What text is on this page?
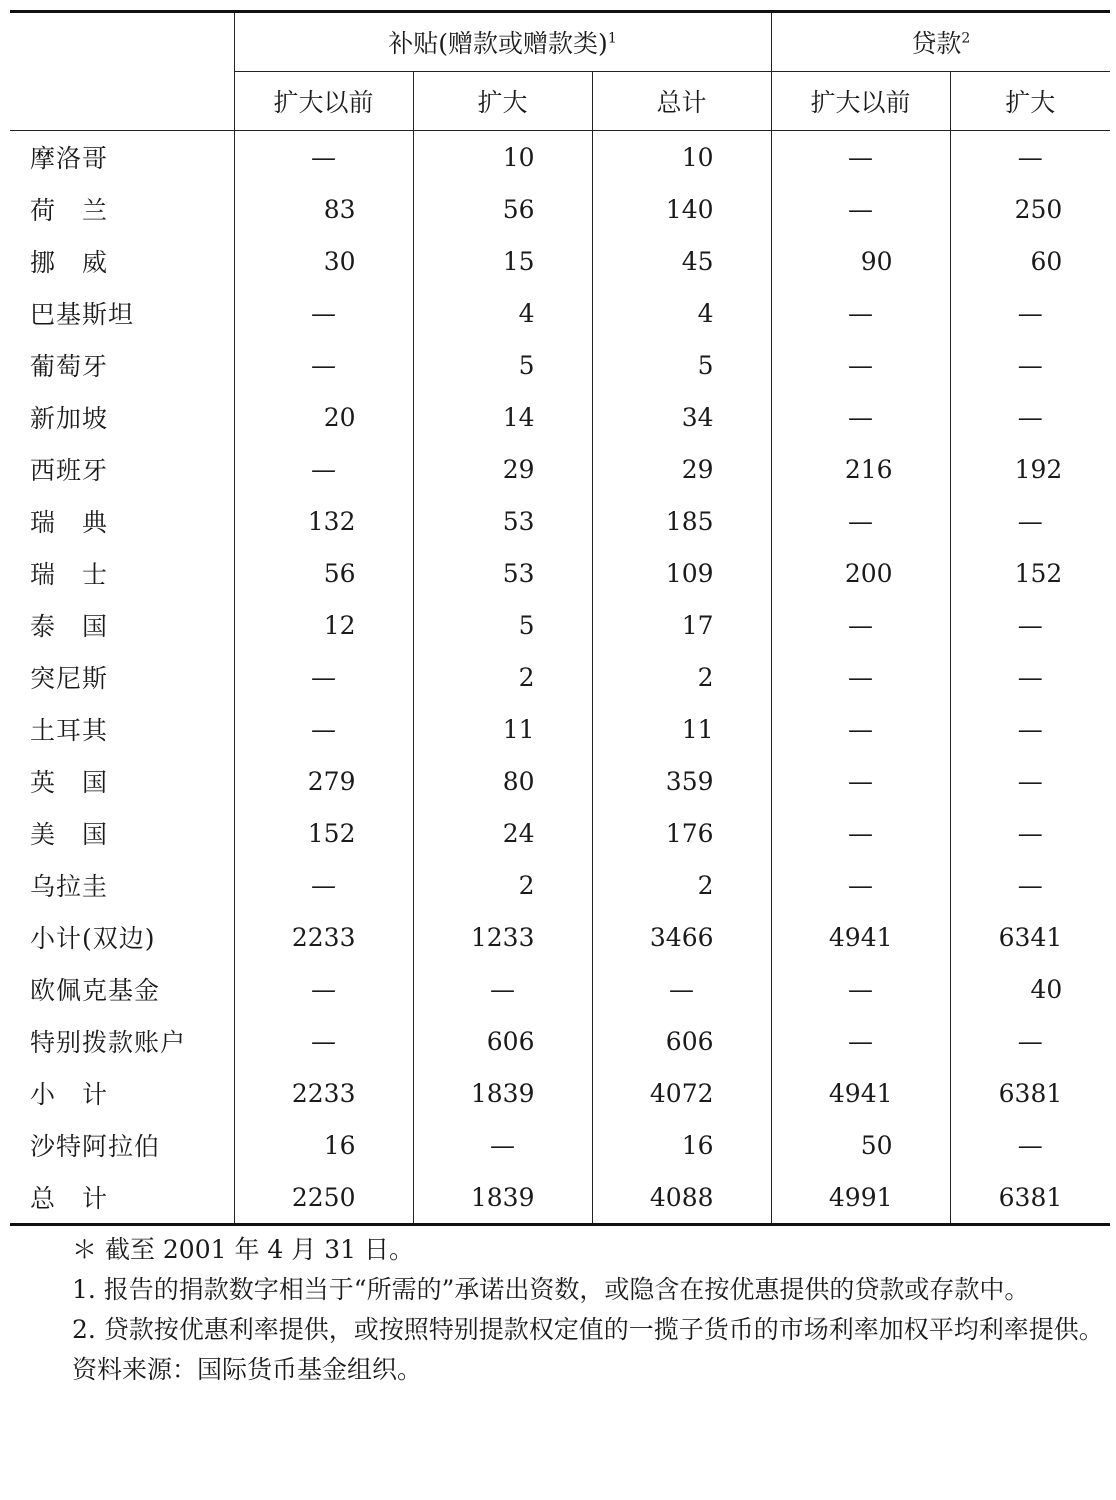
	补贴(赠款或赠款类)$^1$			贷款$^2$
	扩大以前	扩大	总计	扩大以前	扩大
摩洛哥	—	10	10	—	—
荷　兰	83	56	140	—	250
挪　威	30	15	45	90	60
巴基斯坦	—	4	4	—	—
葡萄牙	—	5	5	—	—
新加坡	20	14	34	—	—
西班牙	—	29	29	216	192
瑞　典	132	53	185	—	—
瑞　士	56	53	109	200	152
泰　国	12	5	17	—	—
突尼斯	—	2	2	—	—
土耳其	—	11	11	—	—
英　国	279	80	359	—	—
美　国	152	24	176	—	—
乌拉圭	—	2	2	—	—
小计(双边)	2233	1233	3466	4941	6341
欧佩克基金	—	—	—	—	40
特别拨款账户	—	606	606	—	—
小　计	2233	1839	4072	4941	6381
沙特阿拉伯	16	—	16	50	—
总　计	2250	1839	4088	4991	6381

＊ 截至 2001 年 4 月 31 日。

1. 报告的捐款数字相当于“所需的”承诺出资数，或隐含在按优惠提供的贷款或存款中。

2. 贷款按优惠利率提供，或按照特别提款权定值的一揽子货币的市场利率加权平均利率提供。

资料来源：国际货币基金组织。
